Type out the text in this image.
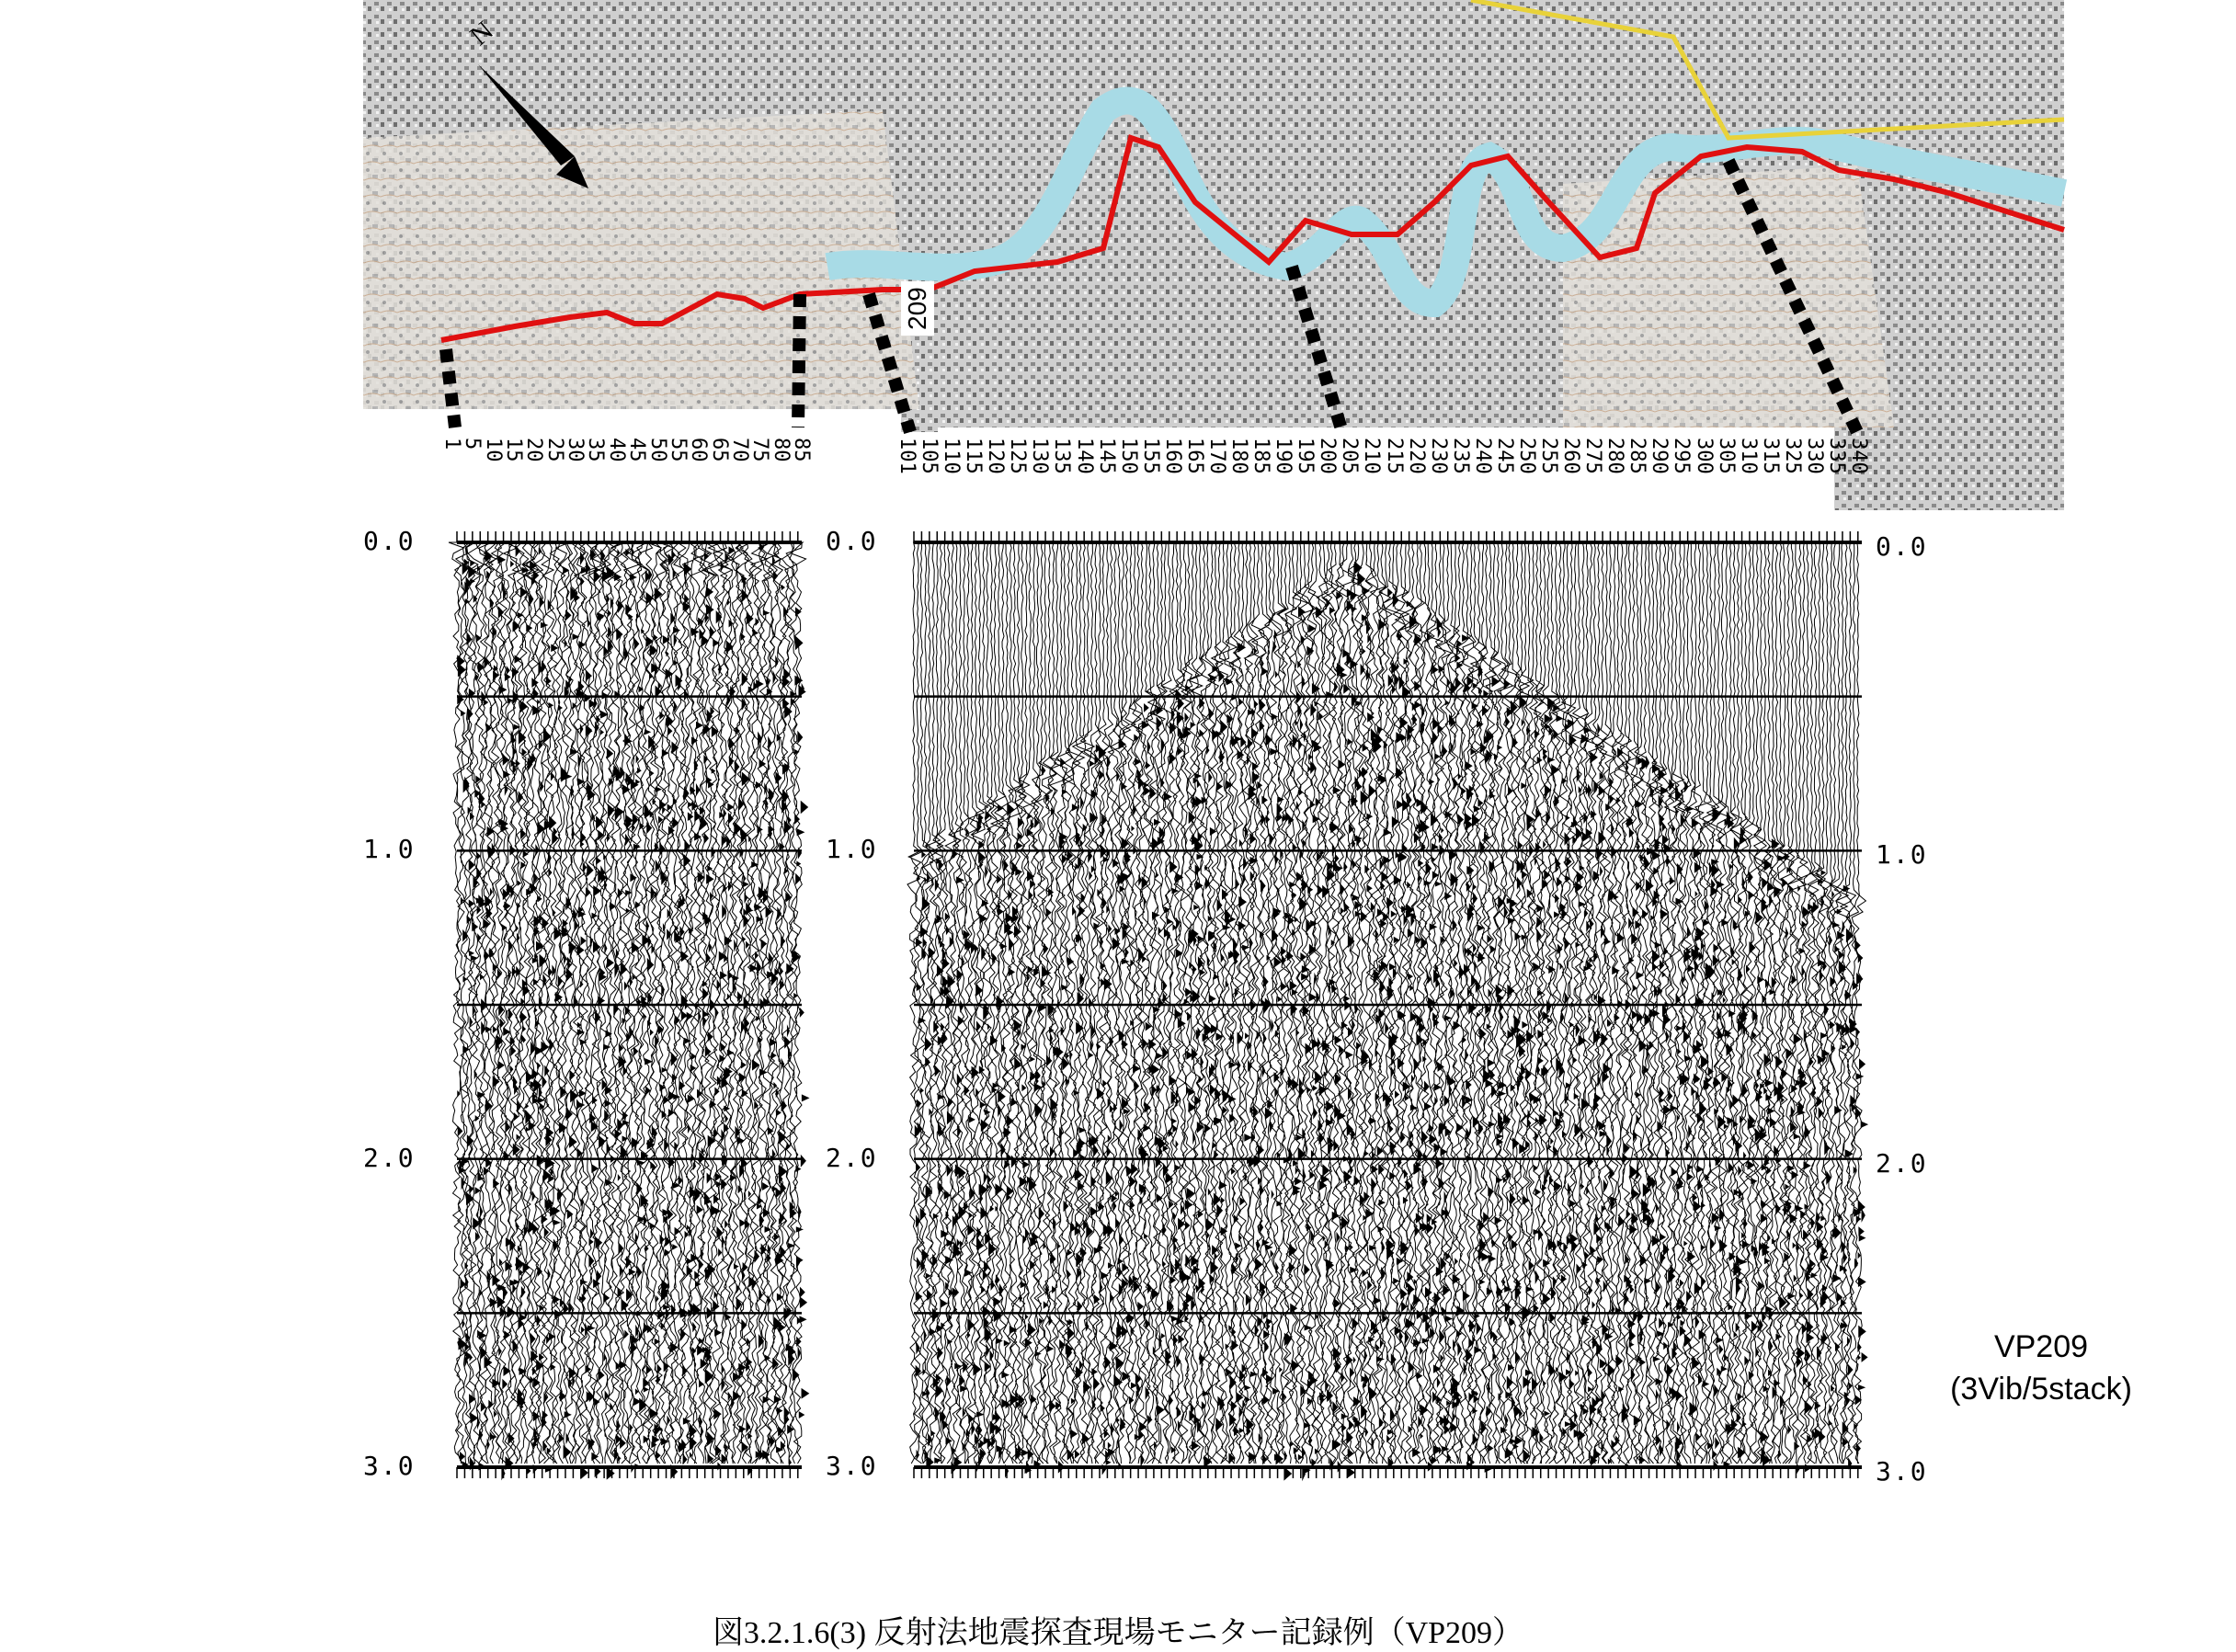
N
209
1
5
10
15
20
25
30
35
40
45
50
55
60
65
70
75
80
85	101 105 110 115 120 125 130 135 140 145 150 155 160 165 170 180 185 190 195 200 205 210 215 220 230 235 240 245 250 255 260 275 280 285 290 295 300 305 310 315 325 330 335 340
0.0
1.0
2.0
3.0
0.0
1.0
2.0
3.0
0.0
1.0
2.0
3.0
VP209
(3Vib/5stack)
図3.2.1.6(3) 反射法地震探査現場モニター記録例（VP209）
